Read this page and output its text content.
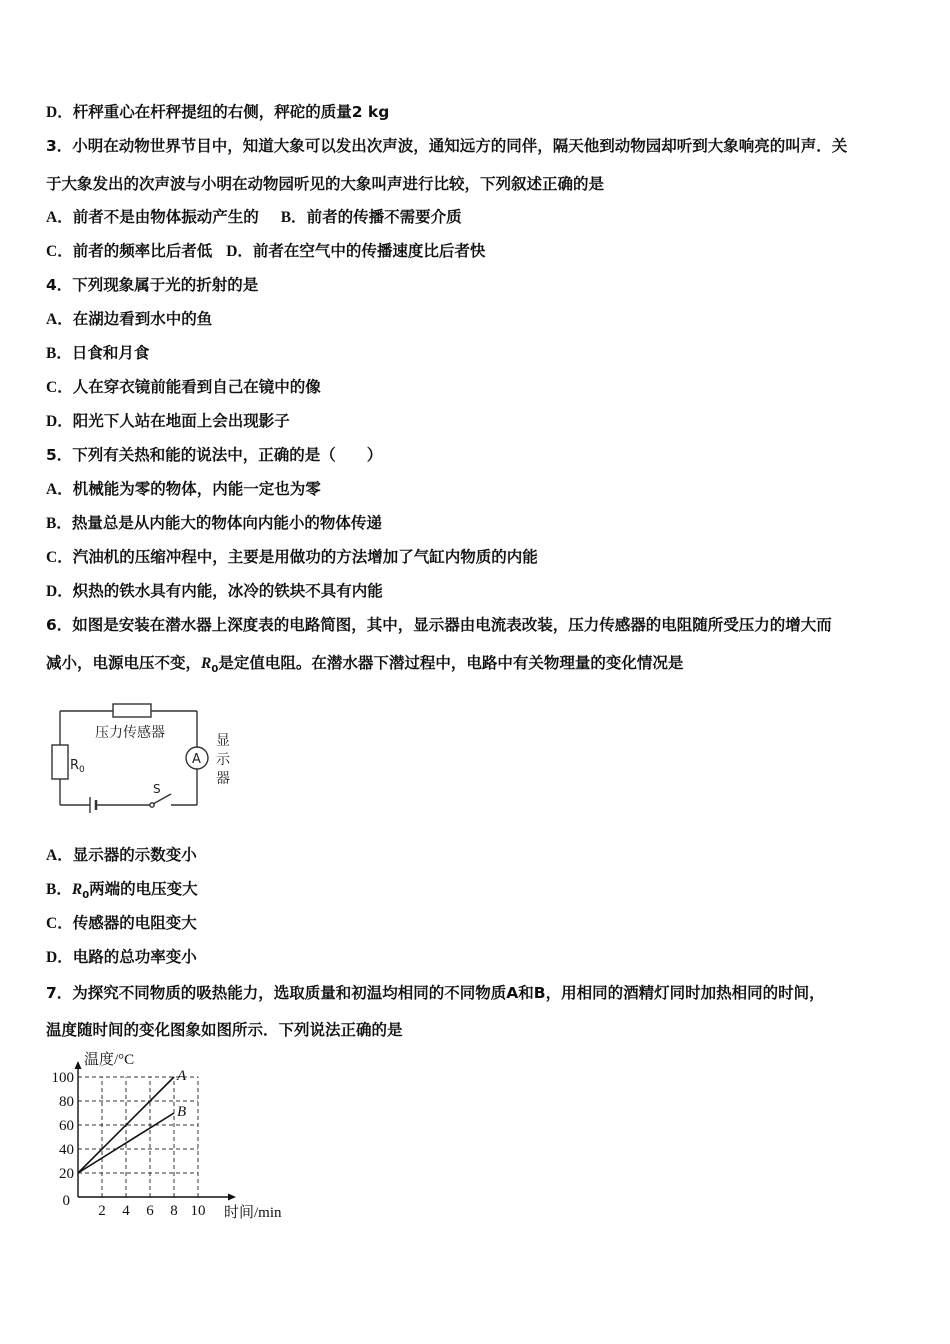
D．杆秤重心在杆秤提纽的右侧，秤砣的质量2 kg
3．小明在动物世界节目中，知道大象可以发出次声波，通知远方的同伴，隔天他到动物园却听到大象响亮的叫声．关
于大象发出的次声波与小明在动物园听见的大象叫声进行比较，下列叙述正确的是
A．前者不是由物体振动产生的 B．前者的传播不需要介质
C．前者的频率比后者低 D．前者在空气中的传播速度比后者快
4．下列现象属于光的折射的是
A．在湖边看到水中的鱼
B．日食和月食
C．人在穿衣镜前能看到自己在镜中的像
D．阳光下人站在地面上会出现影子
5．下列有关热和能的说法中，正确的是（　　）
A．机械能为零的物体，内能一定也为零
B．热量总是从内能大的物体向内能小的物体传递
C．汽油机的压缩冲程中，主要是用做功的方法增加了气缸内物质的内能
D．炽热的铁水具有内能，冰冷的铁块不具有内能
6．如图是安装在潜水器上深度表的电路简图，其中，显示器由电流表改装，压力传感器的电阻随所受压力的增大而
减小，电源电压不变，$R_0$是定值电阻。在潜水器下潜过程中，电路中有关物理量的变化情况是
压力传感器
$R_0$
A
S
显
示
器
A．显示器的示数变小
B．$R_0$两端的电压变大
C．传感器的电阻变大
D．电路的总功率变小
7．为探究不同物质的吸热能力，选取质量和初温均相同的不同物质A和B，用相同的酒精灯同时加热相同的时间，
温度随时间的变化图象如图所示．下列说法正确的是
2 4 6 8 10
100
80
60
40
20
0
A
B
温度/°C
时间/min
